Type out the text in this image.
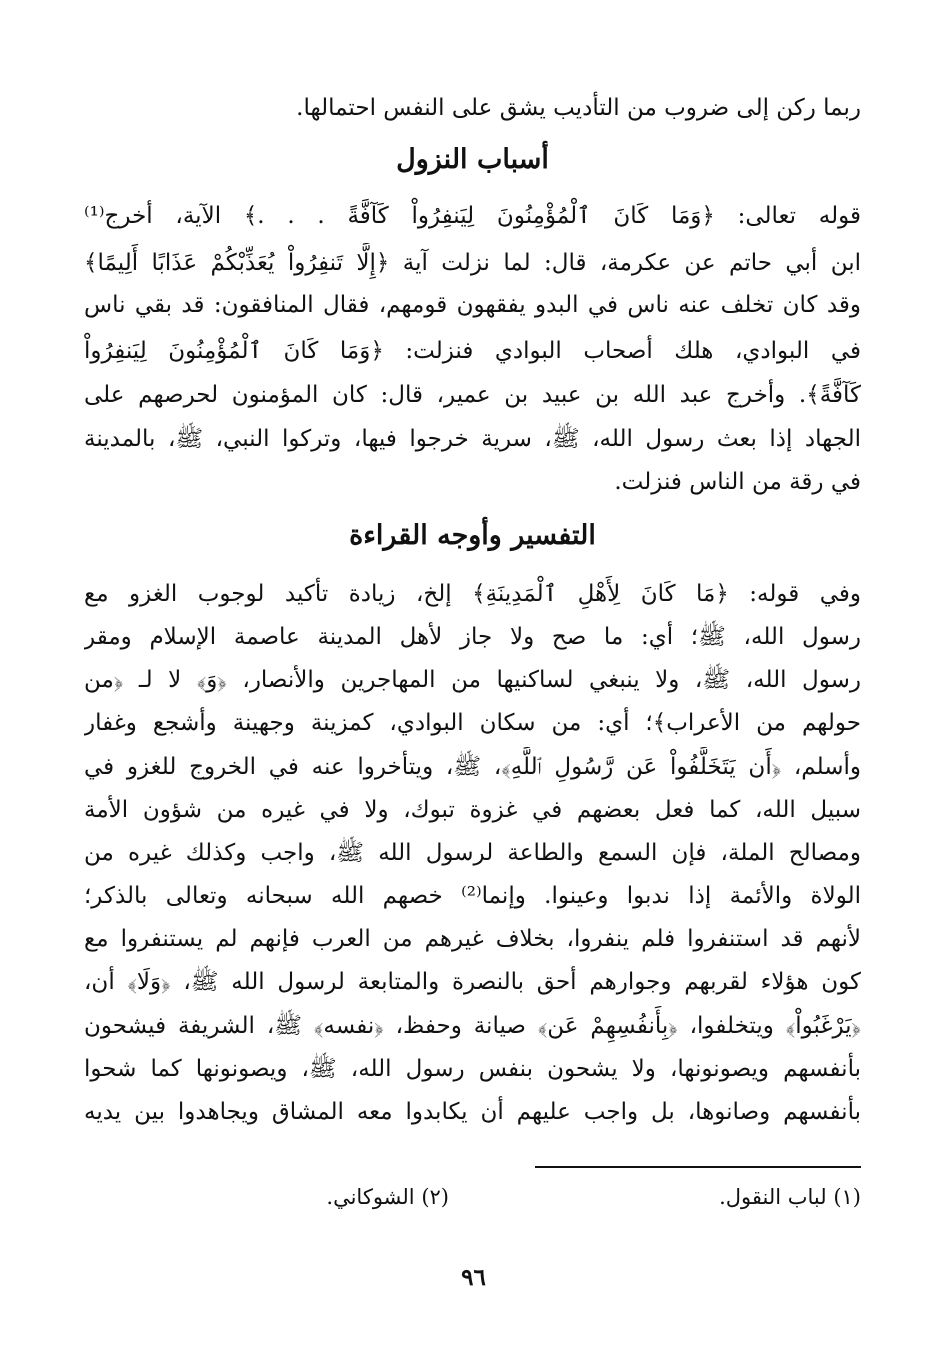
ربما ركن إلى ضروب من التأديب يشق على النفس احتمالها.
أسباب النزول
قوله تعالى: ﴿وَمَا كَانَ ٱلْمُؤْمِنُونَ لِيَنفِرُواْ كَآفَّةً . . .﴾ الآية، أخرج⁽¹⁾
ابن أبي حاتم عن عكرمة، قال: لما نزلت آية ﴿إِلَّا تَنفِرُواْ يُعَذِّبْكُمْ عَذَابًا أَلِيمًا﴾
وقد كان تخلف عنه ناس في البدو يفقهون قومهم، فقال المنافقون: قد بقي ناس
في البوادي، هلك أصحاب البوادي فنزلت: ﴿وَمَا كَانَ ٱلْمُؤْمِنُونَ لِيَنفِرُواْ
كَآفَّةً﴾. وأخرج عبد الله بن عبيد بن عمير، قال: كان المؤمنون لحرصهم على
الجهاد إذا بعث رسول الله، ﷺ، سرية خرجوا فيها، وتركوا النبي، ﷺ، بالمدينة
في رقة من الناس فنزلت.
التفسير وأوجه القراءة
وفي قوله: ﴿مَا كَانَ لِأَهْلِ ٱلْمَدِينَةِ﴾ إلخ، زيادة تأكيد لوجوب الغزو مع
رسول الله، ﷺ؛ أي: ما صح ولا جاز لأهل المدينة عاصمة الإسلام ومقر
رسول الله، ﷺ، ولا ينبغي لساكنيها من المهاجرين والأنصار، ﴿وَ﴾ لا لـ ﴿من
حولهم من الأعراب﴾؛ أي: من سكان البوادي، كمزينة وجهينة وأشجع وغفار
وأسلم، ﴿أَن يَتَخَلَّفُواْ عَن رَّسُولِ ٱللَّهِ﴾، ﷺ، ويتأخروا عنه في الخروج للغزو في
سبيل الله، كما فعل بعضهم في غزوة تبوك، ولا في غيره من شؤون الأمة
ومصالح الملة، فإن السمع والطاعة لرسول الله ﷺ، واجب وكذلك غيره من
الولاة والأئمة إذا ندبوا وعينوا. وإنما⁽²⁾ خصهم الله سبحانه وتعالى بالذكر؛
لأنهم قد استنفروا فلم ينفروا، بخلاف غيرهم من العرب فإنهم لم يستنفروا مع
كون هؤلاء لقربهم وجوارهم أحق بالنصرة والمتابعة لرسول الله ﷺ، ﴿وَلَا﴾ أن،
﴿يَرْغَبُواْ﴾ ويتخلفوا، ﴿بِأَنفُسِهِمْ عَن﴾ صيانة وحفظ، ﴿نفسه﴾ ﷺ، الشريفة فيشحون
بأنفسهم ويصونونها، ولا يشحون بنفس رسول الله، ﷺ، ويصونونها كما شحوا
بأنفسهم وصانوها، بل واجب عليهم أن يكابدوا معه المشاق ويجاهدوا بين يديه
(١) لباب النقول.
(٢) الشوكاني.
٩٦
